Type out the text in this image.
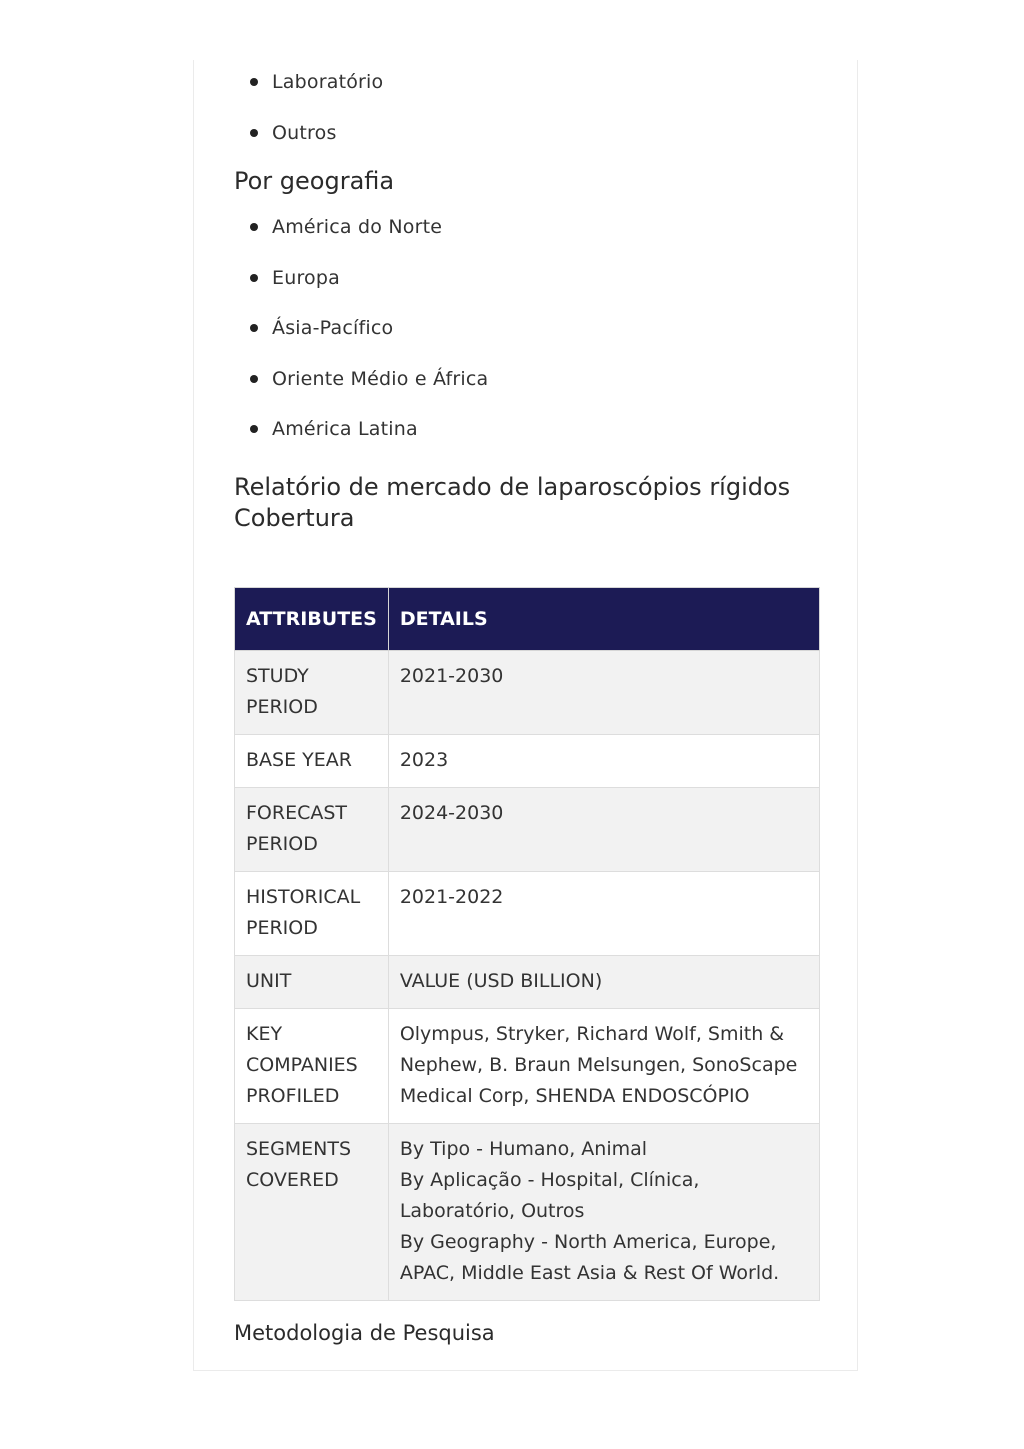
Laboratório
Outros
Por geografia
América do Norte
Europa
Ásia-Pacífico
Oriente Médio e África
América Latina
Relatório de mercado de laparoscópios rígidos Cobertura
ATTRIBUTES	DETAILS
STUDY PERIOD	2021-2030
BASE YEAR	2023
FORECAST PERIOD	2024-2030
HISTORICAL PERIOD	2021-2022
UNIT	VALUE (USD BILLION)
KEY COMPANIES PROFILED	Olympus, Stryker, Richard Wolf, Smith & Nephew, B. Braun Melsungen, SonoScape Medical Corp, SHENDA ENDOSCÓPIO
SEGMENTS COVERED	By Tipo - Humano, Animal
By Aplicação - Hospital, Clínica, Laboratório, Outros
By Geography - North America, Europe, APAC, Middle East Asia & Rest Of World.
Metodologia de Pesquisa
